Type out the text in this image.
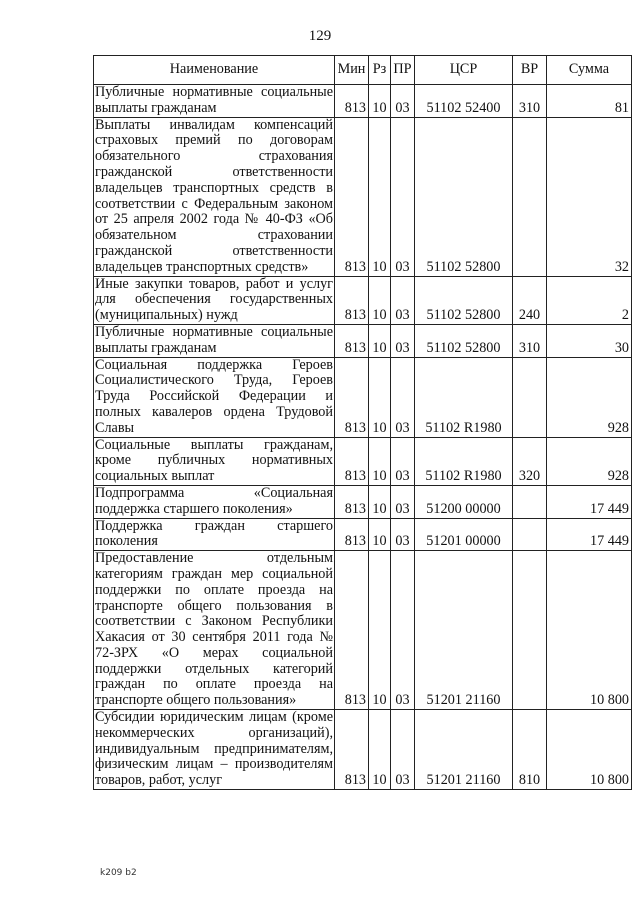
129
Наименование	Мин	Рз	ПР	ЦСР	ВР	Сумма
Публичные нормативные социальные выплаты гражданам	813	10	03	51102 52400	310	81
Выплаты инвалидам компенсаций страховых премий по договорам обязательного страхования гражданской ответственности владельцев транспортных средств в соответствии с Федеральным законом от 25 апреля 2002 года № 40-ФЗ «Об обязательном страховании гражданской ответственности владельцев транспортных средств»	813	10	03	51102 52800		32
Иные закупки товаров, работ и услуг для обеспечения государственных (муниципальных) нужд	813	10	03	51102 52800	240	2
Публичные нормативные социальные выплаты гражданам	813	10	03	51102 52800	310	30
Социальная поддержка Героев Социалистического Труда, Героев Труда Российской Федерации и полных кавалеров ордена Трудовой Славы	813	10	03	51102 R1980		928
Социальные выплаты гражданам, кроме публичных нормативных социальных выплат	813	10	03	51102 R1980	320	928
Подпрограмма «Социальная поддержка старшего поколения»	813	10	03	51200 00000		17 449
Поддержка граждан старшего поколения	813	10	03	51201 00000		17 449
Предоставление отдельным категориям граждан мер социальной поддержки по оплате проезда на транспорте общего пользования в соответствии с Законом Республики Хакасия от 30 сентября 2011 года № 72-ЗРХ «О мерах социальной поддержки отдельных категорий граждан по оплате проезда на транспорте общего пользования»	813	10	03	51201 21160		10 800
Субсидии юридическим лицам (кроме некоммерческих организаций), индивидуальным предпринимателям, физическим лицам – производителям товаров, работ, услуг	813	10	03	51201 21160	810	10 800
k209 b2
